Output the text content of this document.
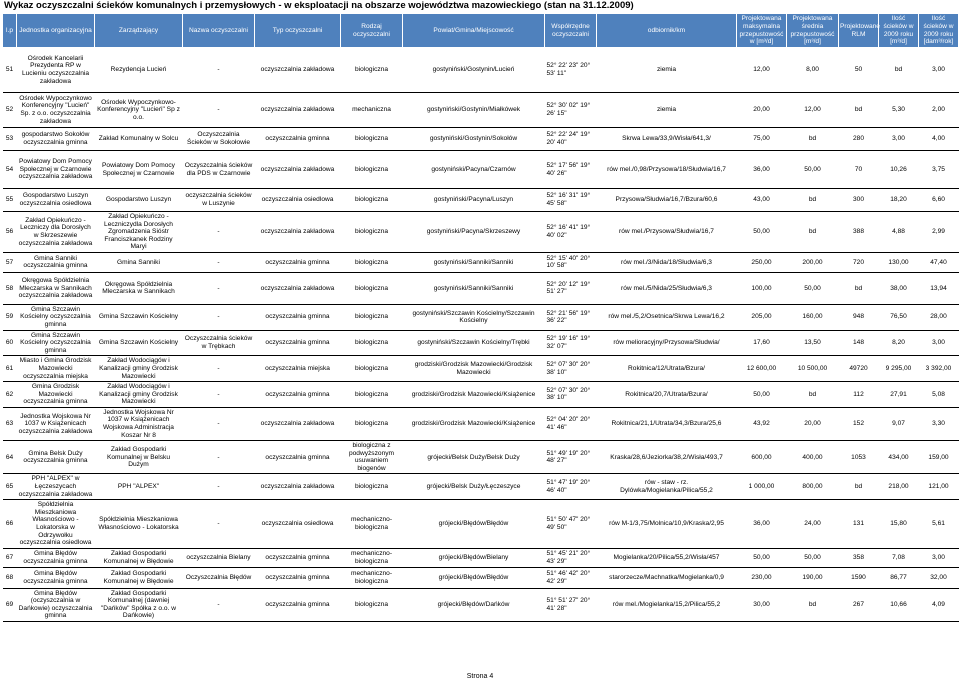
Wykaz oczyszczalni ścieków komunalnych i przemysłowych - w eksploatacji na obszarze województwa mazowieckiego (stan na 31.12.2009)
l.p	Jednostka organizacyjna	Zarządzający	Nazwa oczyszczalni	Typ oczyszczalni	Rodzaj oczyszczalni	Powiat/Gmina/Miejscowość	Współrzędne oczyszczalni	odbiornik/km	Projektowana maksymalna przepustowość w [m³/d]	Projektowana średnia przepustowość [m³/d]	Projektowane RLM	Ilość ścieków w 2009 roku [m³/d]	Ilość ścieków w 2009 roku [dam³/rok]
51	Ośrodek Kancelarii Prezydenta RP w Lucieniu oczyszczalnia zakładowa	Rezydencja Lucień	-	oczyszczalnia zakładowa	biologiczna	gostyniński/Gostynin/Lucień	52° 22' 23" 20° 53' 11"	ziemia	12,00	8,00	50	bd	3,00
52	Ośrodek Wypoczynkowo Konferencyjny "Lucień" Sp. z o.o. oczyszczalnia zakładowa	Ośrodek Wypoczynkowo-Konferencyjny "Lucień" Sp z o.o.	-	oczyszczalnia zakładowa	mechaniczna	gostyniński/Gostynin/Miałkówek	52° 30' 02" 19° 26' 15"	ziemia	20,00	12,00	bd	5,30	2,00
53	gospodarstwo Sokołów oczyszczalnia gminna	Zakład Komunalny w Solcu	Oczyszczalnia Ścieków w Sokołowie	oczyszczalnia gminna	biologiczna	gostyniński/Gostynin/Sokołów	52° 22' 24" 19° 20' 40"	Skrwa Lewa/33,9/Wisła/641,3/	75,00	bd	280	3,00	4,00
54	Powiatowy Dom Pomocy Społecznej w Czarnowie oczyszczalnia zakładowa	Powiatowy Dom Pomocy Społecznej w Czarnowie	Oczyszczalnia ścieków dla PDS w Czarnowie	oczyszczalnia zakładowa	biologiczna	gostyniński/Pacyna/Czarnów	52° 17' 56" 19° 40' 26"	rów mel./0,98/Przysowa/18/Słudwia/16,7	36,00	50,00	70	10,26	3,75
55	Gospodarstwo Luszyn oczyszczalnia osiedlowa	Gospodarstwo Luszyn	oczyszczalnia ścieków w Luszynie	oczyszczalnia osiedlowa	biologiczna	gostyniński/Pacyna/Luszyn	52° 16' 31" 19° 45' 58"	Przysowa/Słudwia/16,7/Bzura/60,6	43,00	bd	300	18,20	6,60
56	Zakład Opiekuńczo - Leczniczy dla Dorosłych w Skrzeszewie oczyszczalnia zakładowa	Zakład Opiekuńczo - Leczniczydla Dorosłych Zgromadzenia Sióstr Franciszkanek Rodziny Maryi	-	oczyszczalnia zakładowa	biologiczna	gostyniński/Pacyna/Skrzeszewy	52° 16' 41" 19° 40' 02"	rów mel./Przysowa/Słudwia/16,7	50,00	bd	388	4,88	2,99
57	Gmina Sanniki oczyszczalnia gminna	Gmina Sanniki	-	oczyszczalnia gminna	biologiczna	gostyniński/Sanniki/Sanniki	52° 15' 40" 20° 10' 58"	rów mel./3/Nida/18/Słudwia/6,3	250,00	200,00	720	130,00	47,40
58	Okręgowa Spółdzielnia Mleczarska w Sannikach oczyszczalnia zakładowa	Okręgowa Spółdzielnia Mleczarska w Sannikach	-	oczyszczalnia zakładowa	biologiczna	gostyniński/Sanniki/Sanniki	52° 20' 12" 19° 51' 27"	rów mel./5/Nida/25/Słudwia/6,3	100,00	50,00	bd	38,00	13,94
59	Gmina Szczawin Kościelny oczyszczalnia gminna	Gmina Szczawin Kościelny	-	oczyszczalnia gminna	biologiczna	gostyniński/Szczawin Kościelny/Szczawin Kościelny	52° 21' 56" 19° 36' 22"	rów mel./5,2/Osetnica/Skrwa Lewa/16,2	205,00	160,00	948	76,50	28,00
60	Gmina Szczawin Kościelny oczyszczalnia gminna	Gmina Szczawin Kościelny	Oczyszczalnia ścieków w Trębkach	oczyszczalnia gminna	biologiczna	gostyniński/Szczawin Kościelny/Trębki	52° 19' 16" 19° 32' 07"	rów melioracyjny/Przysowa/Słudwia/	17,60	13,50	148	8,20	3,00
61	Miasto i Gmina Grodzisk Mazowiecki oczyszczalnia miejska	Zakład Wodociągów i Kanalizacji gminy Grodzisk Mazowiecki	-	oczyszczalnia miejska	biologiczna	grodziski/Grodzisk Mazowiecki/Grodzisk Mazowiecki	52° 07' 30" 20° 38' 10"	Rokitnica/12/Utrata/Bzura/	12 600,00	10 500,00	49720	9 295,00	3 392,00
62	Gmina Grodzisk Mazowiecki oczyszczalnia gminna	Zakład Wodociągów i Kanalizacji gminy Grodzisk Mazowiecki	-	oczyszczalnia gminna	biologiczna	grodziski/Grodzisk Mazowiecki/Książenice	52° 07' 30" 20° 38' 10"	Rokitnica/20,7/Utrata/Bzura/	50,00	bd	112	27,91	5,08
63	Jednostka Wojskowa Nr 1037 w Książenicach oczyszczalnia zakładowa	Jednostka Wojskowa Nr 1037 w Książenicach Wojskowa Administracja Koszar Nr 8	-	oczyszczalnia zakładowa	biologiczna	grodziski/Grodzisk Mazowiecki/Książenice	52° 04' 20" 20° 41' 46"	Rokitnica/21,1/Utrata/34,3/Bzura/25,6	43,92	20,00	152	9,07	3,30
64	Gmina Belsk Duży oczyszczalnia gminna	Zakład Gospodarki Komunalnej w Belsku Dużym	-	oczyszczalnia gminna	biologiczna z podwyższonym usuwaniem biogenów	grójecki/Belsk Duży/Belsk Duży	51° 49' 19" 20° 48' 27"	Kraska/28,6/Jeziorka/38,2/Wisła/493,7	600,00	400,00	1053	434,00	159,00
65	PPH "ALPEX" w Łęczeszycach oczyszczalnia zakładowa	PPH "ALPEX"	-	oczyszczalnia zakładowa	biologiczna	grójecki/Belsk Duży/Łęczeszyce	51° 47' 19" 20° 46' 40"	rów - staw - rz. Dylówka/Mogielanka/Pilica/55,2	1 000,00	800,00	bd	218,00	121,00
66	Spółdzielnia Mieszkaniowa Własnościowo - Lokatorska w Odrzywołku oczyszczalnia osiedlowa	Spółdzielnia Mieszkaniowa Własnościowo - Lokatorska	-	oczyszczalnia osiedlowa	mechaniczno-biologiczna	grójecki/Błędów/Błędów	51° 50' 47" 20° 49' 50"	rów M-1/3,75/Molnica/10,9/Kraska/2,95	36,00	24,00	131	15,80	5,61
67	Gmina Błędów oczyszczalnia gminna	Zakład Gospodarki Komunalnej w Błędowie	oczyszczalnia Bielany	oczyszczalnia gminna	mechaniczno-biologiczna	grójecki/Błędów/Bielany	51° 45' 21" 20° 43' 29"	Mogielanka/20/Pilica/55,2/Wisła/457	50,00	50,00	358	7,08	3,00
68	Gmina Błędów oczyszczalnia gminna	Zakład Gospodarki Komunalnej w Błędowie	Oczyszczalnia Błędów	oczyszczalnia gminna	mechaniczno-biologiczna	grójecki/Błędów/Błędów	51° 46' 42" 20° 42' 29"	starorzecze/Machnatka/Mogielanka/0,9	230,00	190,00	1590	86,77	32,00
69	Gmina Błędów (oczyszczalnia w Dańkowie) oczyszczalnia gminna	Zakład Gospodarki Komunalnej (dawniej "Dańków" Spółka z o.o. w Dańkowie)	-	oczyszczalnia gminna	biologiczna	grójecki/Błędów/Dańków	51° 51' 27" 20° 41' 28"	rów mel./Mogielanka/15,2/Pilica/55,2	30,00	bd	267	10,66	4,09
Strona 4
